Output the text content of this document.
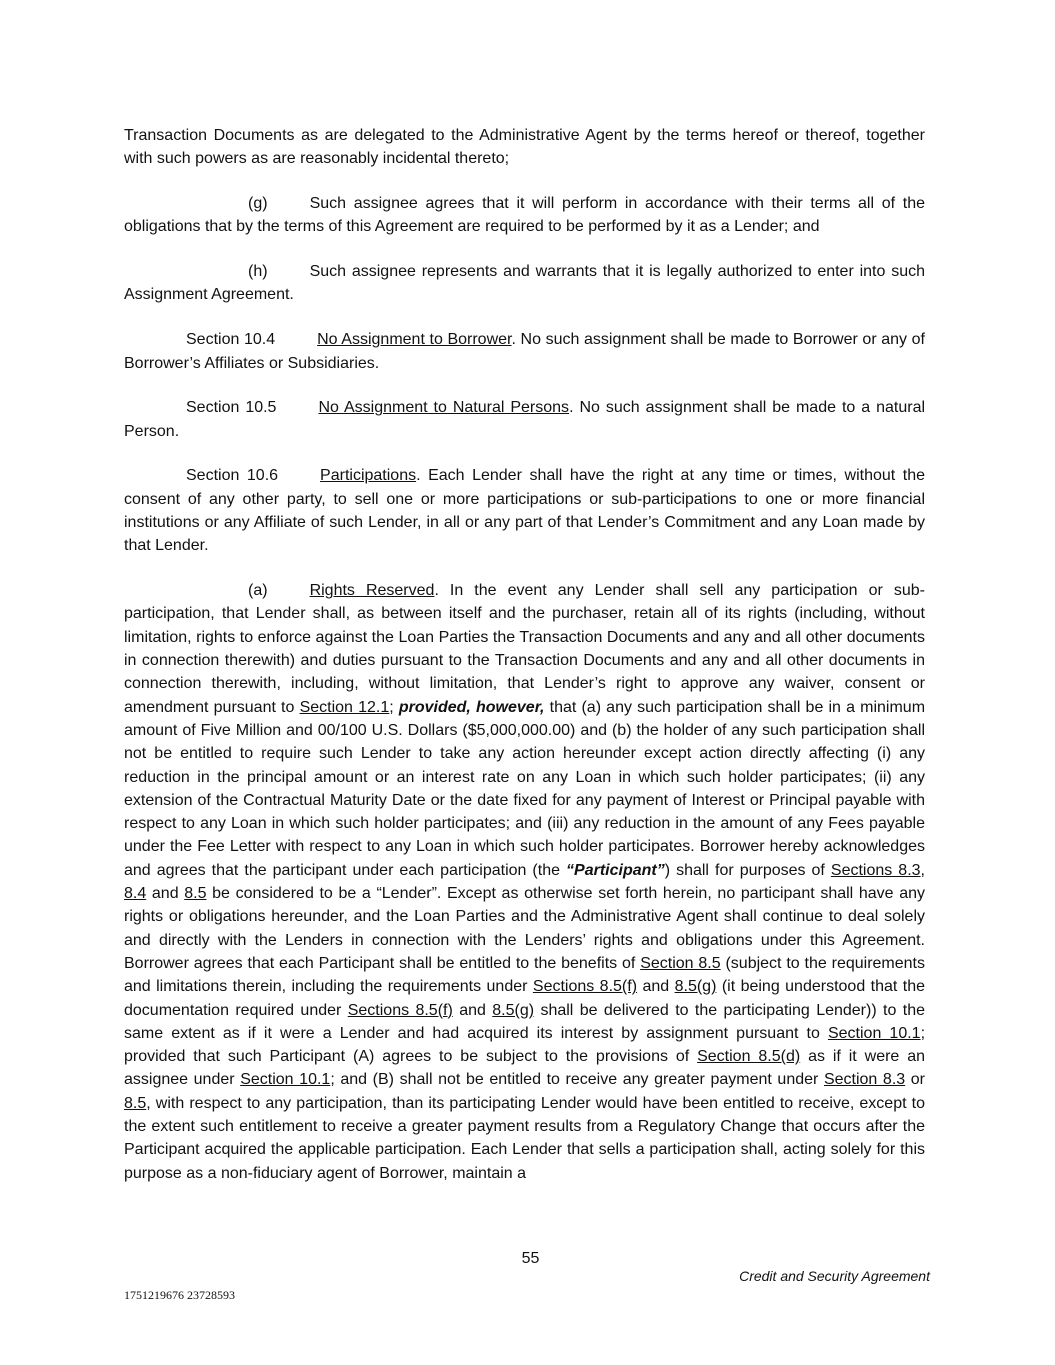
Transaction Documents as are delegated to the Administrative Agent by the terms hereof or thereof, together with such powers as are reasonably incidental thereto;

(g)	Such assignee agrees that it will perform in accordance with their terms all of the obligations that by the terms of this Agreement are required to be performed by it as a Lender; and

(h)	Such assignee represents and warrants that it is legally authorized to enter into such Assignment Agreement.

Section 10.4	No Assignment to Borrower. No such assignment shall be made to Borrower or any of Borrower’s Affiliates or Subsidiaries.

Section 10.5	No Assignment to Natural Persons. No such assignment shall be made to a natural Person.

Section 10.6	Participations. Each Lender shall have the right at any time or times, without the consent of any other party, to sell one or more participations or sub-participations to one or more financial institutions or any Affiliate of such Lender, in all or any part of that Lender’s Commitment and any Loan made by that Lender.

(a)	Rights Reserved. In the event any Lender shall sell any participation or sub-participation, that Lender shall, as between itself and the purchaser, retain all of its rights (including, without limitation, rights to enforce against the Loan Parties the Transaction Documents and any and all other documents in connection therewith) and duties pursuant to the Transaction Documents and any and all other documents in connection therewith, including, without limitation, that Lender’s right to approve any waiver, consent or amendment pursuant to Section 12.1; provided, however, that (a) any such participation shall be in a minimum amount of Five Million and 00/100 U.S. Dollars ($5,000,000.00) and (b) the holder of any such participation shall not be entitled to require such Lender to take any action hereunder except action directly affecting (i) any reduction in the principal amount or an interest rate on any Loan in which such holder participates; (ii) any extension of the Contractual Maturity Date or the date fixed for any payment of Interest or Principal payable with respect to any Loan in which such holder participates; and (iii) any reduction in the amount of any Fees payable under the Fee Letter with respect to any Loan in which such holder participates. Borrower hereby acknowledges and agrees that the participant under each participation (the “Participant”) shall for purposes of Sections 8.3, 8.4 and 8.5 be considered to be a “Lender”. Except as otherwise set forth herein, no participant shall have any rights or obligations hereunder, and the Loan Parties and the Administrative Agent shall continue to deal solely and directly with the Lenders in connection with the Lenders’ rights and obligations under this Agreement. Borrower agrees that each Participant shall be entitled to the benefits of Section 8.5 (subject to the requirements and limitations therein, including the requirements under Sections 8.5(f) and 8.5(g) (it being understood that the documentation required under Sections 8.5(f) and 8.5(g) shall be delivered to the participating Lender)) to the same extent as if it were a Lender and had acquired its interest by assignment pursuant to Section 10.1; provided that such Participant (A) agrees to be subject to the provisions of Section 8.5(d) as if it were an assignee under Section 10.1; and (B) shall not be entitled to receive any greater payment under Section 8.3 or 8.5, with respect to any participation, than its participating Lender would have been entitled to receive, except to the extent such entitlement to receive a greater payment results from a Regulatory Change that occurs after the Participant acquired the applicable participation. Each Lender that sells a participation shall, acting solely for this purpose as a non-fiduciary agent of Borrower, maintain a

55
Credit and Security Agreement
1751219676 23728593
